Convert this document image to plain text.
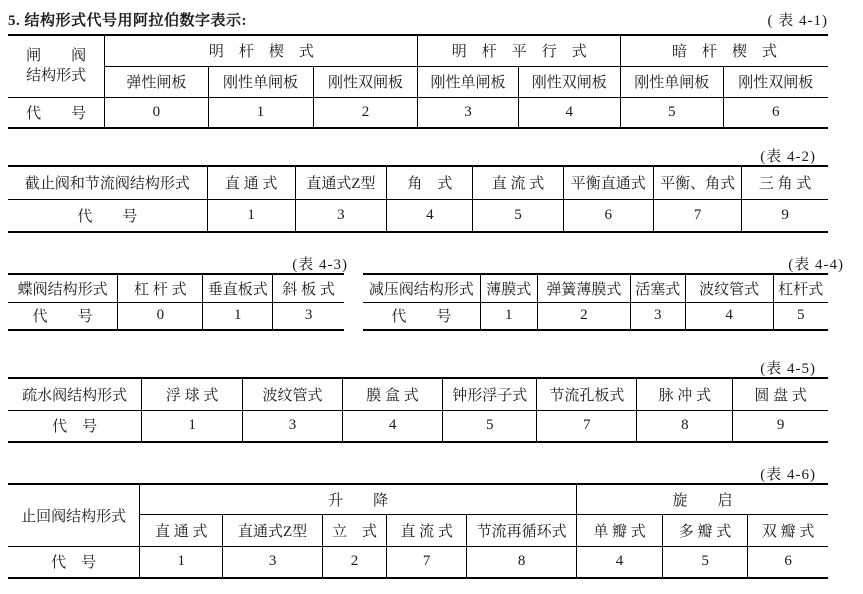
5. 结构形式代号用阿拉伯数字表示:	( 表 4-1)
闸　　阀
结构形式	明　杆　楔　式			明　杆　平　行　式		暗　杆　楔　式	
	弹性闸板	刚性单闸板	刚性双闸板	刚性单闸板	刚性双闸板	刚性单闸板	刚性双闸板
代　　号	0	1	2	3	4	5	6
(表 4-2)
截止阀和节流阀结构形式	直 通 式	直通式Z型	角　式	直 流 式	平衡直通式	平衡、角式	三 角 式
代　　号	1	3	4	5	6	7	9
(表 4-3)	(表 4-4)
蝶阀结构形式	杠 杆 式	垂直板式	斜 板 式
代　　号	0	1	3
减压阀结构形式	薄膜式	弹簧薄膜式	活塞式	波纹管式	杠杆式
代　　号	1	2	3	4	5
(表 4-5)
疏水阀结构形式	浮 球 式	波纹管式	膜 盒 式	钟形浮子式	节流孔板式	脉 冲 式	圆 盘 式
代　号	1	3	4	5	7	8	9
(表 4-6)
止回阀结构形式	升　　降					旋　　启		
	直 通 式	直通式Z型	立　式	直 流 式	节流再循环式	单 瓣 式	多 瓣 式	双 瓣 式
代　号	1	3	2	7	8	4	5	6
